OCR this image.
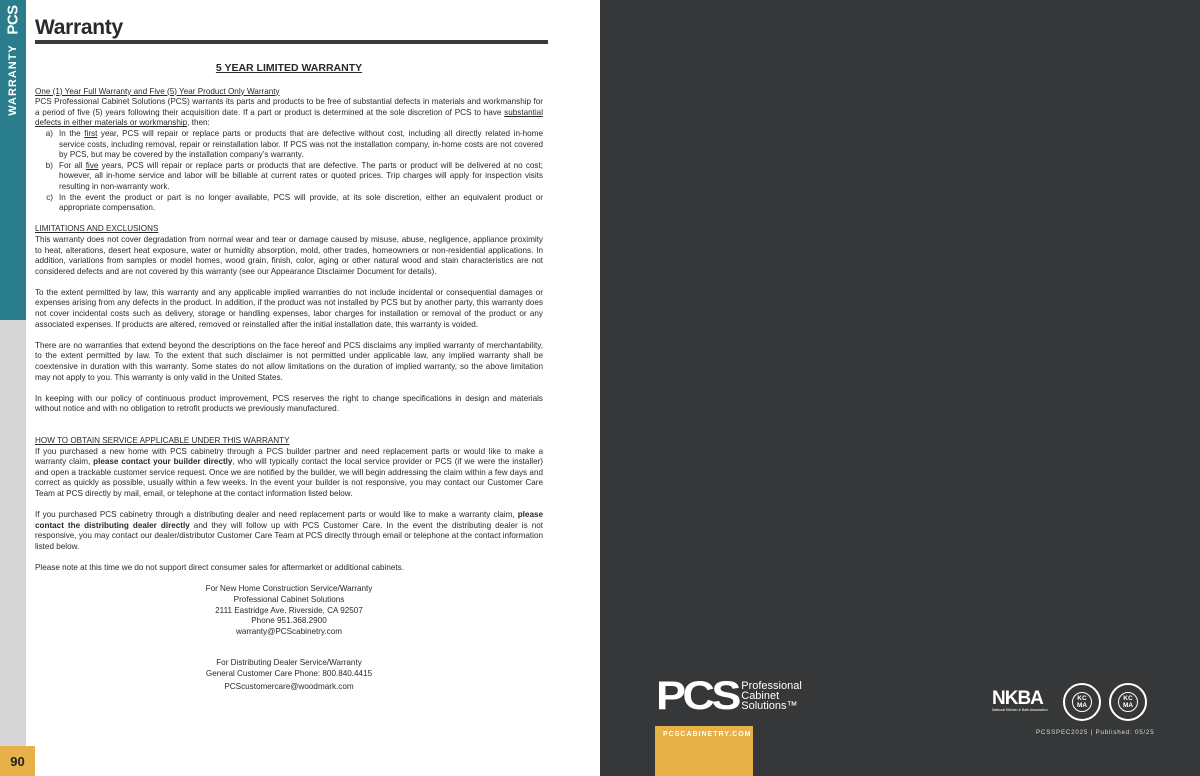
PCS
WARRANTY
90
Warranty
5 YEAR LIMITED WARRANTY

One (1) Year Full Warranty and Five (5) Year Product Only Warranty

PCS Professional Cabinet Solutions (PCS) warrants its parts and products to be free of substantial defects in materials and workmanship for a period of five (5) years following their acquisition date. If a part or product is determined at the sole discretion of PCS to have substantial defects in either materials or workmanship, then:

a) In the first year, PCS will repair or replace parts or products that are defective without cost, including all directly related in-home service costs, including removal, repair or reinstallation labor. If PCS was not the installation company, in-home costs are not covered by PCS, but may be covered by the installation company’s warranty.
b) For all five years, PCS will repair or replace parts or products that are defective. The parts or product will be delivered at no cost; however, all in-home service and labor will be billable at current rates or quoted prices. Trip charges will apply for inspection visits resulting in non-warranty work.
c) In the event the product or part is no longer available, PCS will provide, at its sole discretion, either an equivalent product or appropriate compensation.

LIMITATIONS AND EXCLUSIONS

This warranty does not cover degradation from normal wear and tear or damage caused by misuse, abuse, negligence, appliance proximity to heat, alterations, desert heat exposure, water or humidity absorption, mold, other trades, homeowners or non-residential applications. In addition, variations from samples or model homes, wood grain, finish, color, aging or other natural wood and stain characteristics are not considered defects and are not covered by this warranty (see our Appearance Disclaimer Document for details).

To the extent permitted by law, this warranty and any applicable implied warranties do not include incidental or consequential damages or expenses arising from any defects in the product. In addition, if the product was not installed by PCS but by another party, this warranty does not cover incidental costs such as delivery, storage or handling expenses, labor charges for installation or removal of the product or any associated expenses. If products are altered, removed or reinstalled after the initial installation date, this warranty is voided.

There are no warranties that extend beyond the descriptions on the face hereof and PCS disclaims any implied warranty of merchantability, to the extent permitted by law. To the extent that such disclaimer is not permitted under applicable law, any implied warranty shall be coextensive in duration with this warranty. Some states do not allow limitations on the duration of implied warranty, so the above limitation may not apply to you. This warranty is only valid in the United States.

In keeping with our policy of continuous product improvement, PCS reserves the right to change specifications in design and materials without notice and with no obligation to retrofit products we previously manufactured.

HOW TO OBTAIN SERVICE APPLICABLE UNDER THIS WARRANTY

If you purchased a new home with PCS cabinetry through a PCS builder partner and need replacement parts or would like to make a warranty claim, please contact your builder directly, who will typically contact the local service provider or PCS (if we were the installer) and open a trackable customer service request. Once we are notified by the builder, we will begin addressing the claim within a few days and correct as quickly as possible, usually within a few weeks. In the event your builder is not responsive, you may contact our Customer Care Team at PCS directly by mail, email, or telephone at the contact information listed below.

If you purchased PCS cabinetry through a distributing dealer and need replacement parts or would like to make a warranty claim, please contact the distributing dealer directly and they will follow up with PCS Customer Care. In the event the distributing dealer is not responsive, you may contact our dealer/distributor Customer Care Team at PCS directly through email or telephone at the contact information listed below.

Please note at this time we do not support direct consumer sales for aftermarket or additional cabinets.

For New Home Construction Service/Warranty

Professional Cabinet Solutions

2111 Eastridge Ave. Riverside, CA 92507

Phone 951.368.2900

warranty@PCScabinetry.com

For Distributing Dealer Service/Warranty

General Customer Care Phone: 800.840.4415

PCScustomercare@woodmark.com	PCS Professional
Cabinet
Solutions™
PCSCABINETRY.COM
NKBA
National Kitchen & Bath Association
KC MA
KC MA
PCSSPEC2025 | Published: 05/25
